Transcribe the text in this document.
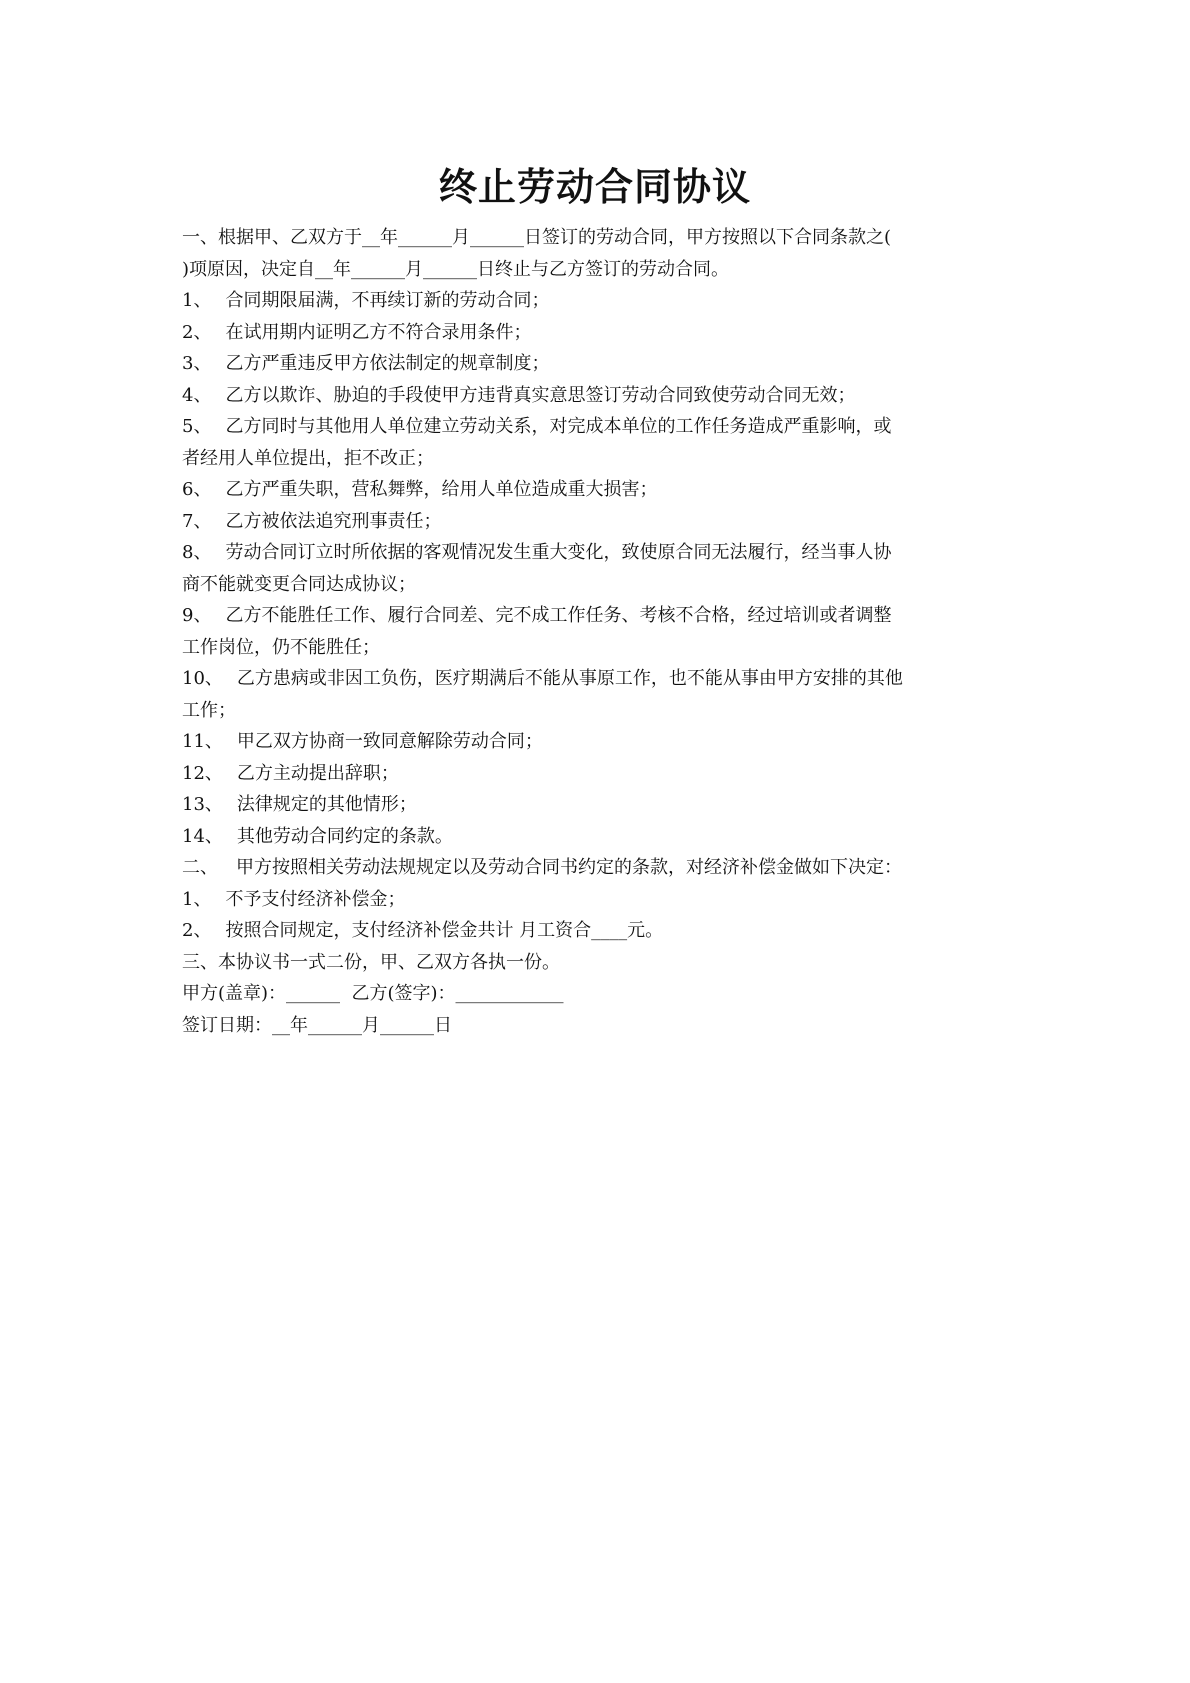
终止劳动合同协议
一、根据甲、乙双方于__年______月______日签订的劳动合同，甲方按照以下合同条款之(
)项原因，决定自__年______月______日终止与乙方签订的劳动合同。
1、 合同期限届满，不再续订新的劳动合同；
2、 在试用期内证明乙方不符合录用条件；
3、 乙方严重违反甲方依法制定的规章制度；
4、 乙方以欺诈、胁迫的手段使甲方违背真实意思签订劳动合同致使劳动合同无效；
5、 乙方同时与其他用人单位建立劳动关系，对完成本单位的工作任务造成严重影响，或
者经用人单位提出，拒不改正；
6、 乙方严重失职，营私舞弊，给用人单位造成重大损害；
7、 乙方被依法追究刑事责任；
8、 劳动合同订立时所依据的客观情况发生重大变化，致使原合同无法履行，经当事人协
商不能就变更合同达成协议；
9、 乙方不能胜任工作、履行合同差、完不成工作任务、考核不合格，经过培训或者调整
工作岗位，仍不能胜任；
10、 乙方患病或非因工负伤，医疗期满后不能从事原工作，也不能从事由甲方安排的其他
工作；
11、 甲乙双方协商一致同意解除劳动合同；
12、 乙方主动提出辞职；
13、 法律规定的其他情形；
14、 其他劳动合同约定的条款。
二、 甲方按照相关劳动法规规定以及劳动合同书约定的条款，对经济补偿金做如下决定：
1、 不予支付经济补偿金；
2、 按照合同规定，支付经济补偿金共计 月工资合____元。
三、本协议书一式二份，甲、乙双方各执一份。
甲方(盖章)：______  乙方(签字)：____________
签订日期：__年______月______日
